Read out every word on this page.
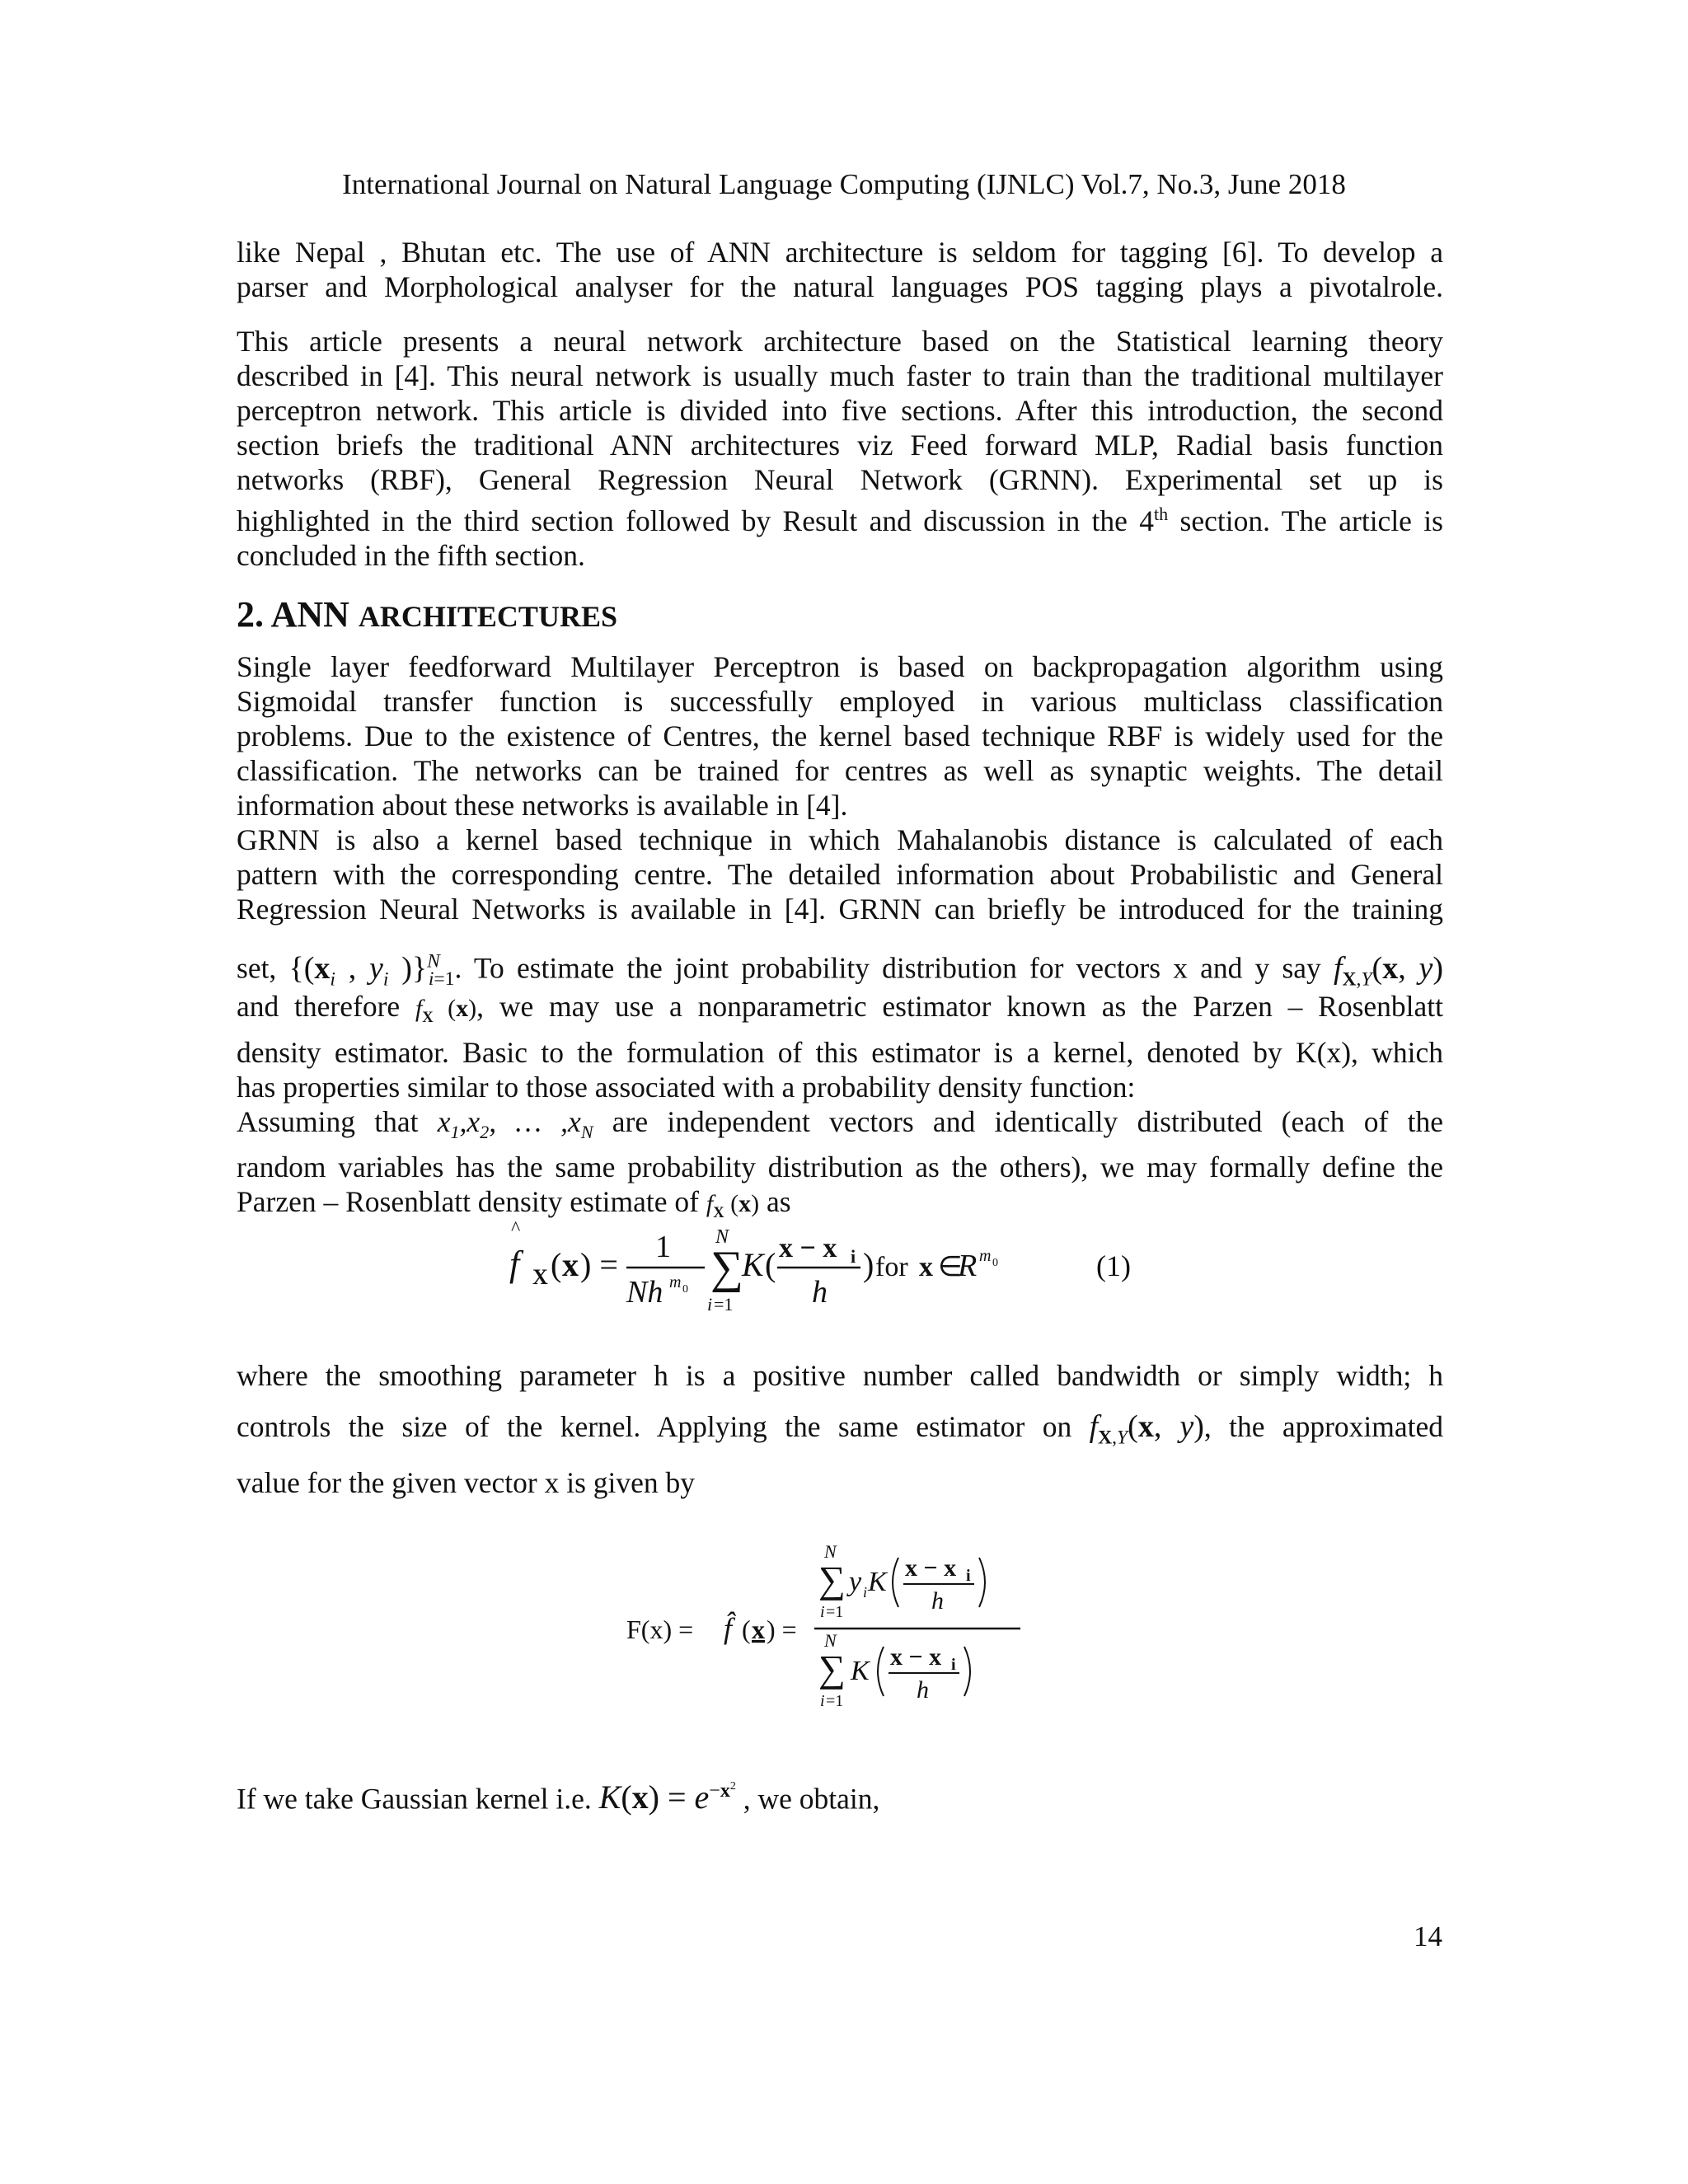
International Journal on Natural Language Computing (IJNLC) Vol.7, No.3, June 2018
like Nepal , Bhutan etc. The use of ANN architecture is seldom for tagging [6]. To develop a
parser and Morphological analyser for the natural languages POS tagging plays a pivotalrole.
This article presents a neural network architecture based on the Statistical learning theory
described in [4]. This neural network is usually much faster to train than the traditional multilayer
perceptron network. This article is divided into five sections. After this introduction, the second
section briefs the traditional ANN architectures viz Feed forward MLP, Radial basis function
networks (RBF), General Regression Neural Network (GRNN). Experimental set up is
highlighted in the third section followed by Result and discussion in the 4th section. The article is
concluded in the fifth section.
2. ANN ARCHITECTURES
Single layer feedforward Multilayer Perceptron is based on backpropagation algorithm using
Sigmoidal transfer function is successfully employed in various multiclass classification
problems. Due to the existence of Centres, the kernel based technique RBF is widely used for the
classification. The networks can be trained for centres as well as synaptic weights. The detail
information about these networks is available in [4].
GRNN is also a kernel based technique in which Mahalanobis distance is calculated of each
pattern with the corresponding centre. The detailed information about Probabilistic and General
Regression Neural Networks is available in [4]. GRNN can briefly be introduced for the training
set, {($x_i$ , $y_i$ )}$^N_{i=1}$. To estimate the joint probability distribution for vectors x and y say $f_{X,Y}(x$, y)
and therefore $f_X$ (x), we may use a nonparametric estimator known as the Parzen – Rosenblatt
density estimator. Basic to the formulation of this estimator is a kernel, denoted by K(x), which
has properties similar to those associated with a probability density function:
Assuming that $x_1,x_2$, … $,x_N$ are independent vectors and identically distributed (each of the
random variables has the same probability distribution as the others), we may formally define the
Parzen – Rosenblatt density estimate of $f_X$ (x) as
^
f X ( x ) = 1
Nh m 0
N
∑
i =1
K ( x − x i
h
) for x ∈
R m 0	(1)
where the smoothing parameter h is a positive number called bandwidth or simply width; h
controls the size of the kernel. Applying the same estimator on $f_{X,Y}(x$, y), the approximated
value for the given vector x is given by
F(x) = f̂ ( x ) =
N
∑
i =1
y i K x − x i
h
N
∑
i =1
K x − x i
h
If we take Gaussian kernel i.e. $K(x) = e^{-x^2}$ , we obtain,
14
